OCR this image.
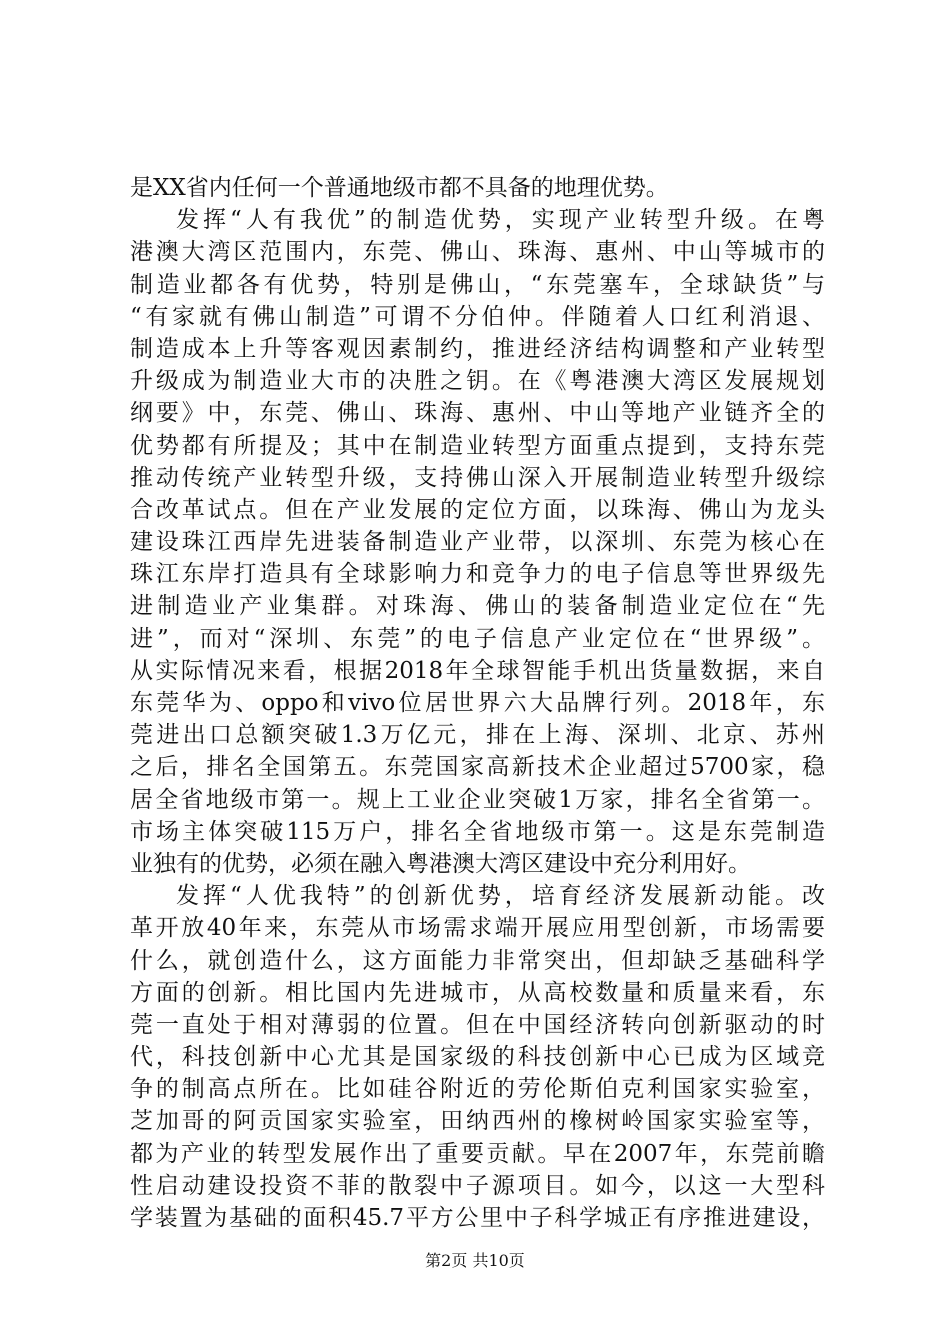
是XX省内任何一个普通地级市都不具备的地理优势。
发挥“人有我优”的制造优势，实现产业转型升级。在粤
港澳大湾区范围内，东莞、佛山、珠海、惠州、中山等城市的
制造业都各有优势，特别是佛山，“东莞塞车，全球缺货”与
“有家就有佛山制造”可谓不分伯仲。伴随着人口红利消退、
制造成本上升等客观因素制约，推进经济结构调整和产业转型
升级成为制造业大市的决胜之钥。在《粤港澳大湾区发展规划
纲要》中，东莞、佛山、珠海、惠州、中山等地产业链齐全的
优势都有所提及；其中在制造业转型方面重点提到，支持东莞
推动传统产业转型升级，支持佛山深入开展制造业转型升级综
合改革试点。但在产业发展的定位方面，以珠海、佛山为龙头
建设珠江西岸先进装备制造业产业带，以深圳、东莞为核心在
珠江东岸打造具有全球影响力和竞争力的电子信息等世界级先
进制造业产业集群。对珠海、佛山的装备制造业定位在“先
进”，而对“深圳、东莞”的电子信息产业定位在“世界级”。
从实际情况来看，根据2018年全球智能手机出货量数据，来自
东莞华为、oppo和vivo位居世界六大品牌行列。2018年，东
莞进出口总额突破1.3万亿元，排在上海、深圳、北京、苏州
之后，排名全国第五。东莞国家高新技术企业超过5700家，稳
居全省地级市第一。规上工业企业突破1万家，排名全省第一。
市场主体突破115万户，排名全省地级市第一。这是东莞制造
业独有的优势，必须在融入粤港澳大湾区建设中充分利用好。
发挥“人优我特”的创新优势，培育经济发展新动能。改
革开放40年来，东莞从市场需求端开展应用型创新，市场需要
什么，就创造什么，这方面能力非常突出，但却缺乏基础科学
方面的创新。相比国内先进城市，从高校数量和质量来看，东
莞一直处于相对薄弱的位置。但在中国经济转向创新驱动的时
代，科技创新中心尤其是国家级的科技创新中心已成为区域竞
争的制高点所在。比如硅谷附近的劳伦斯伯克利国家实验室，
芝加哥的阿贡国家实验室，田纳西州的橡树岭国家实验室等，
都为产业的转型发展作出了重要贡献。早在2007年，东莞前瞻
性启动建设投资不菲的散裂中子源项目。如今，以这一大型科
学装置为基础的面积45.7平方公里中子科学城正有序推进建设，
第2页 共10页
